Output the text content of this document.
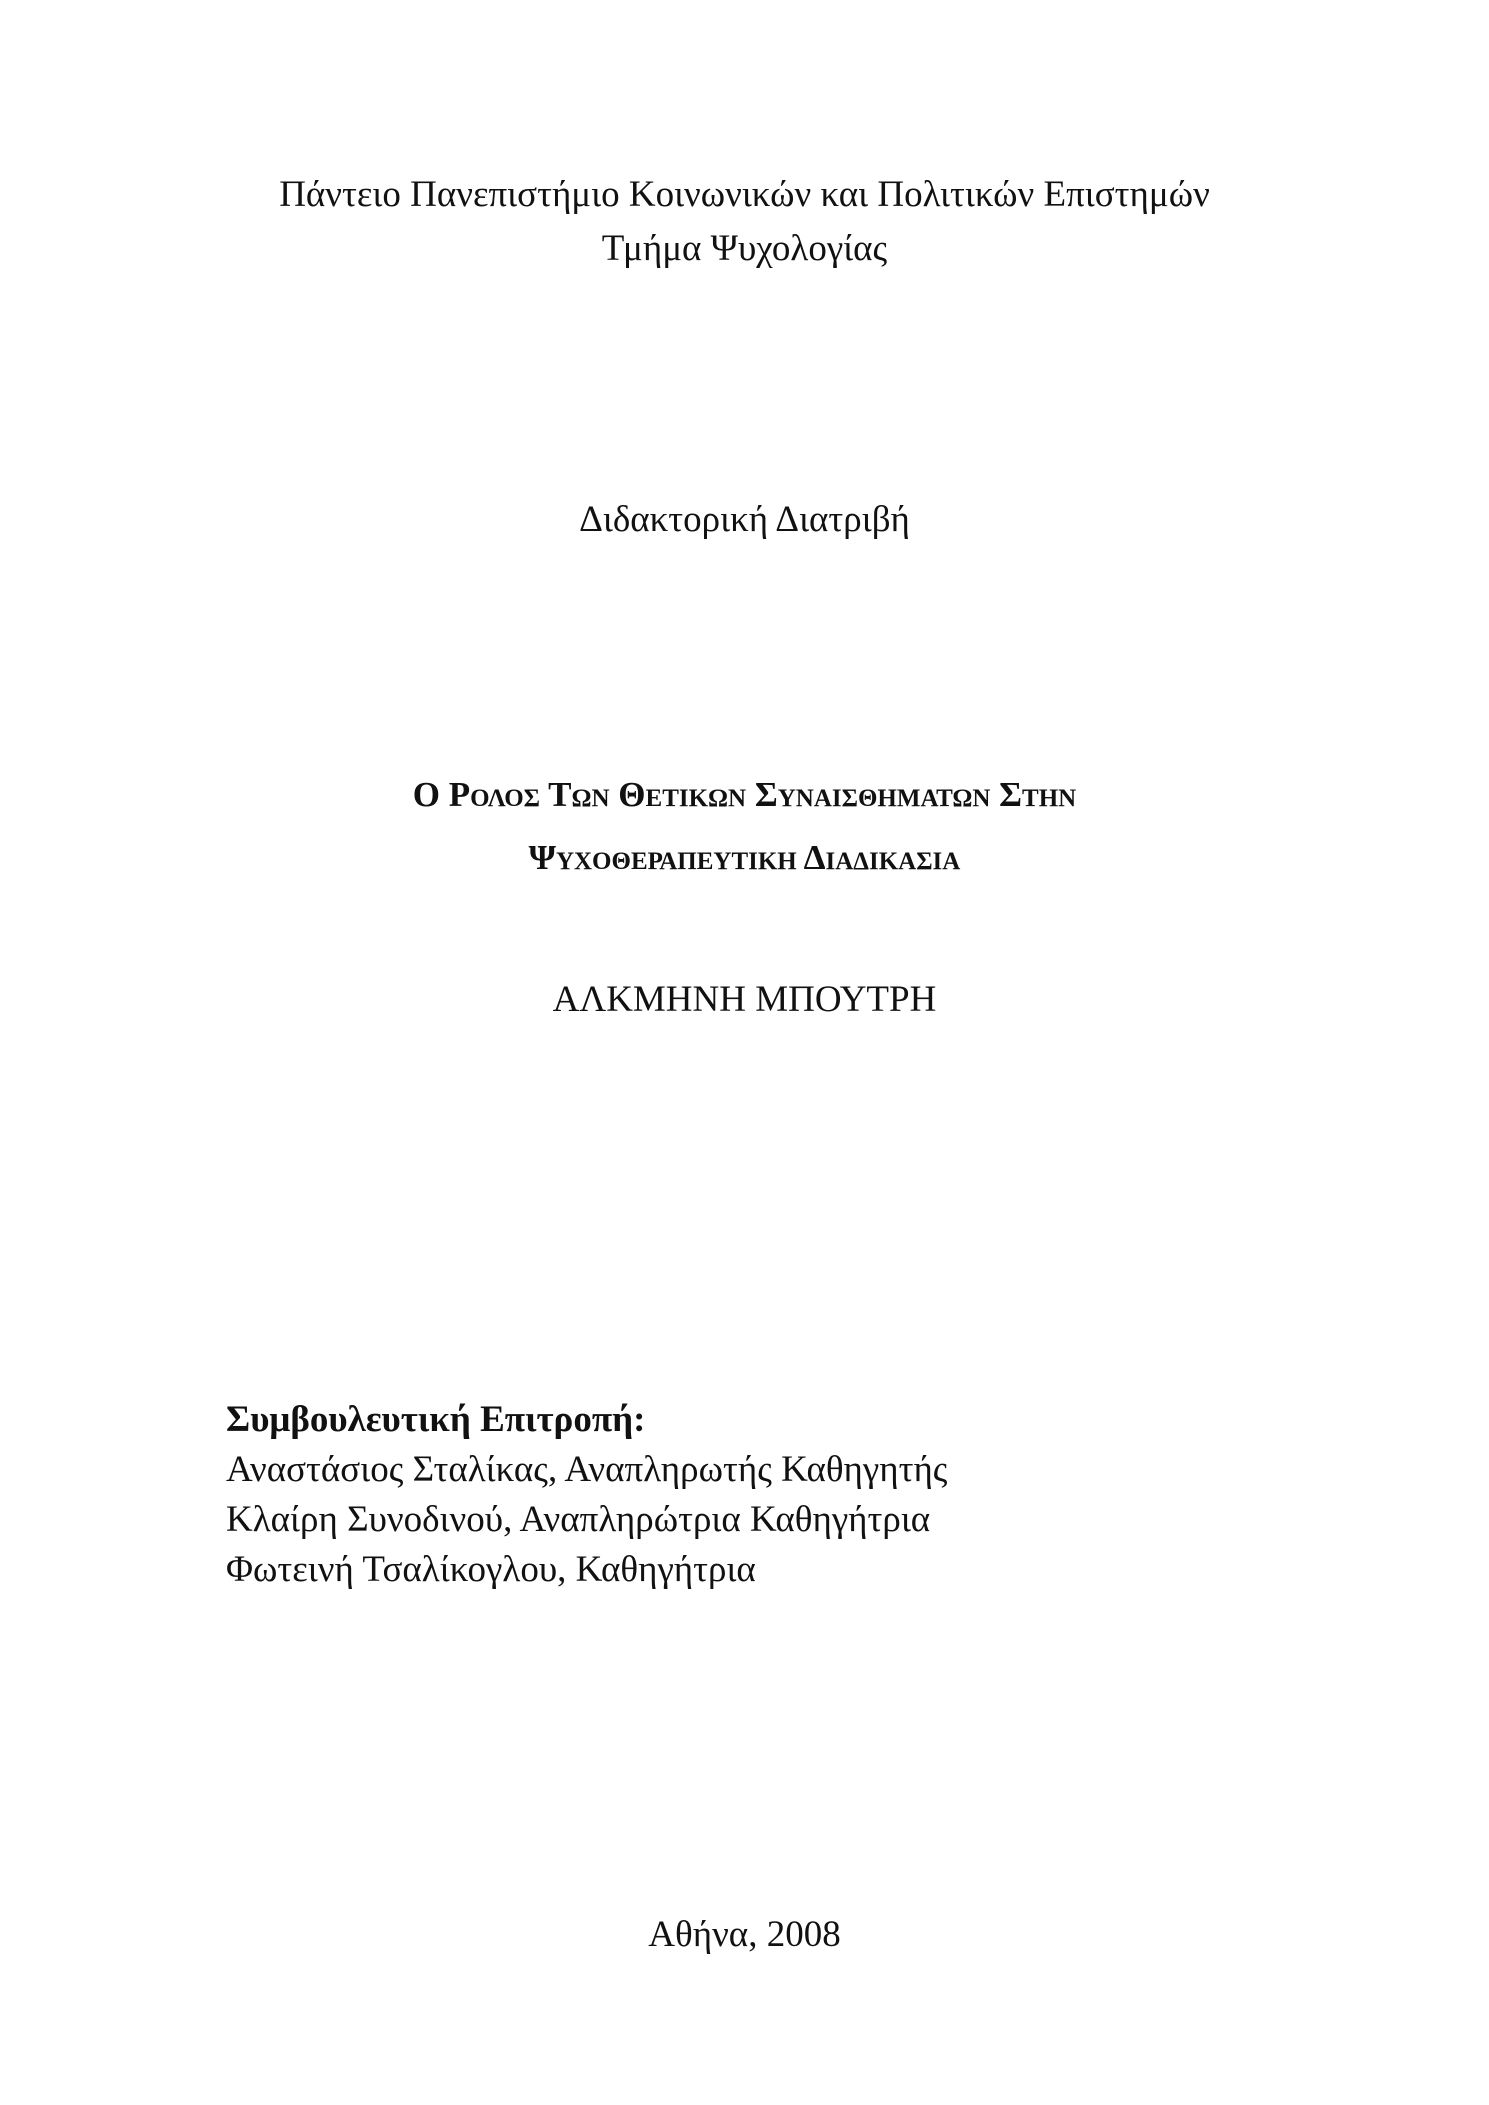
Πάντειο Πανεπιστήμιο Κοινωνικών και Πολιτικών Επιστημών
Τμήμα Ψυχολογίας
Διδακτορική Διατριβή
Ο Ρολος Των Θετικων Συναισθηματων Στην
Ψυχοθεραπευτικη Διαδικασια
ΑΛΚΜΗΝΗ ΜΠΟΥΤΡΗ
Συμβουλευτική Επιτροπή:
Αναστάσιος Σταλίκας, Αναπληρωτής Καθηγητής
Κλαίρη Συνοδινού, Αναπληρώτρια Καθηγήτρια
Φωτεινή Τσαλίκογλου, Καθηγήτρια
Αθήνα, 2008
